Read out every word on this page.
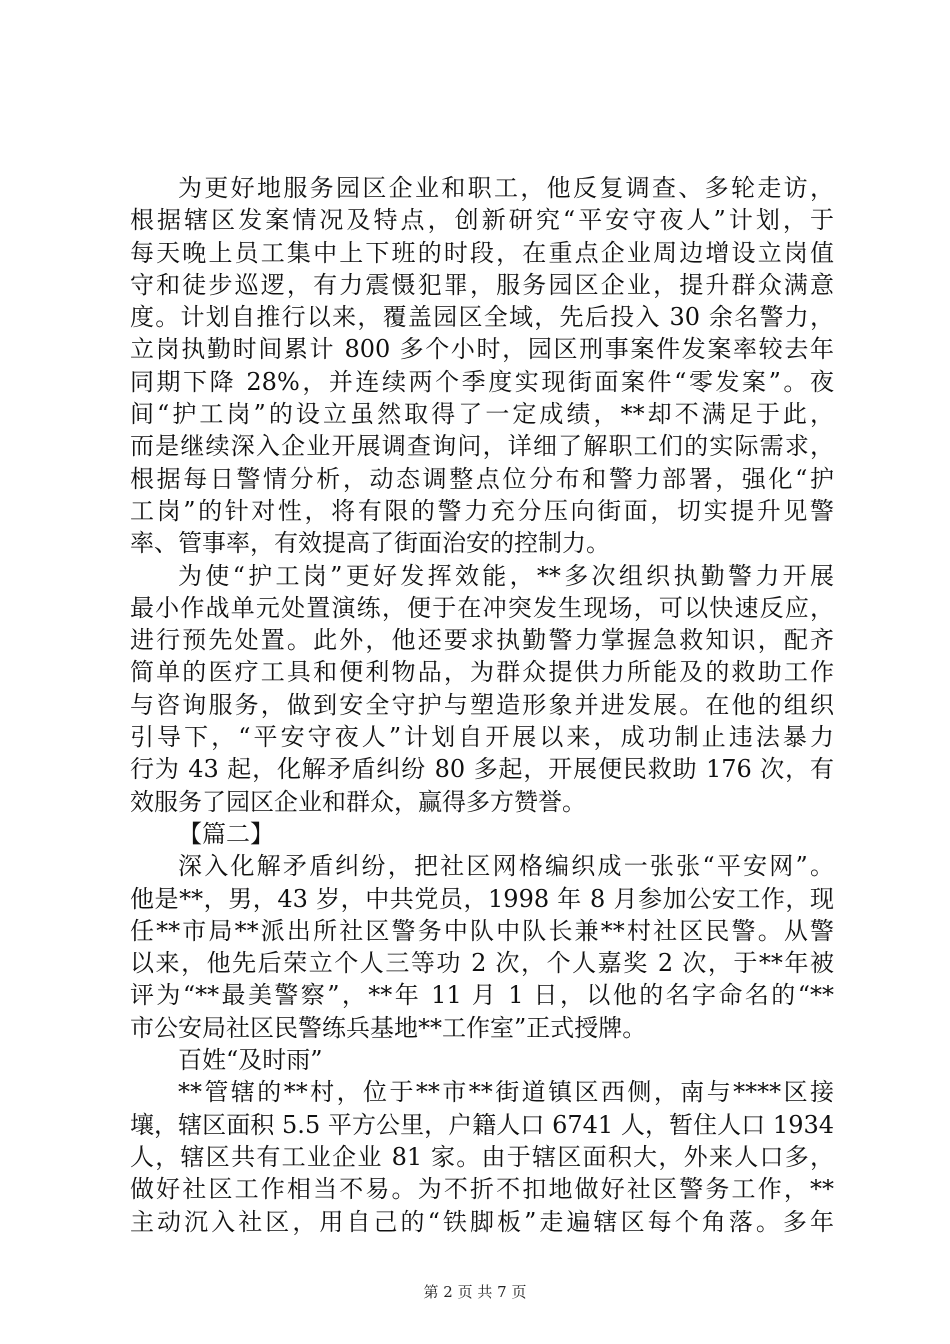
为更好地服务园区企业和职工，他反复调查、多轮走访，
根据辖区发案情况及特点，创新研究“平安守夜人”计划，于
每天晚上员工集中上下班的时段，在重点企业周边增设立岗值
守和徒步巡逻，有力震慑犯罪，服务园区企业，提升群众满意
度。计划自推行以来，覆盖园区全域，先后投入 30 余名警力，
立岗执勤时间累计 800 多个小时，园区刑事案件发案率较去年
同期下降 28%，并连续两个季度实现街面案件“零发案”。夜
间“护工岗”的设立虽然取得了一定成绩，**却不满足于此，
而是继续深入企业开展调查询问，详细了解职工们的实际需求，
根据每日警情分析，动态调整点位分布和警力部署，强化“护
工岗”的针对性，将有限的警力充分压向街面，切实提升见警
率、管事率，有效提高了街面治安的控制力。
为使“护工岗”更好发挥效能，**多次组织执勤警力开展
最小作战单元处置演练，便于在冲突发生现场，可以快速反应，
进行预先处置。此外，他还要求执勤警力掌握急救知识，配齐
简单的医疗工具和便利物品，为群众提供力所能及的救助工作
与咨询服务，做到安全守护与塑造形象并进发展。在他的组织
引导下，“平安守夜人”计划自开展以来，成功制止违法暴力
行为 43 起，化解矛盾纠纷 80 多起，开展便民救助 176 次，有
效服务了园区企业和群众，赢得多方赞誉。
【篇二】
深入化解矛盾纠纷，把社区网格编织成一张张“平安网”。
他是**，男，43 岁，中共党员，1998 年 8 月参加公安工作，现
任**市局**派出所社区警务中队中队长兼**村社区民警。从警
以来，他先后荣立个人三等功 2 次，个人嘉奖 2 次，于**年被
评为“**最美警察”，**年 11 月 1 日，以他的名字命名的“**
市公安局社区民警练兵基地**工作室”正式授牌。
百姓“及时雨”
**管辖的**村，位于**市**街道镇区西侧，南与****区接
壤，辖区面积 5.5 平方公里，户籍人口 6741 人，暂住人口 1934
人，辖区共有工业企业 81 家。由于辖区面积大，外来人口多，
做好社区工作相当不易。为不折不扣地做好社区警务工作，**
主动沉入社区，用自己的“铁脚板”走遍辖区每个角落。多年
第 2 页 共 7 页
